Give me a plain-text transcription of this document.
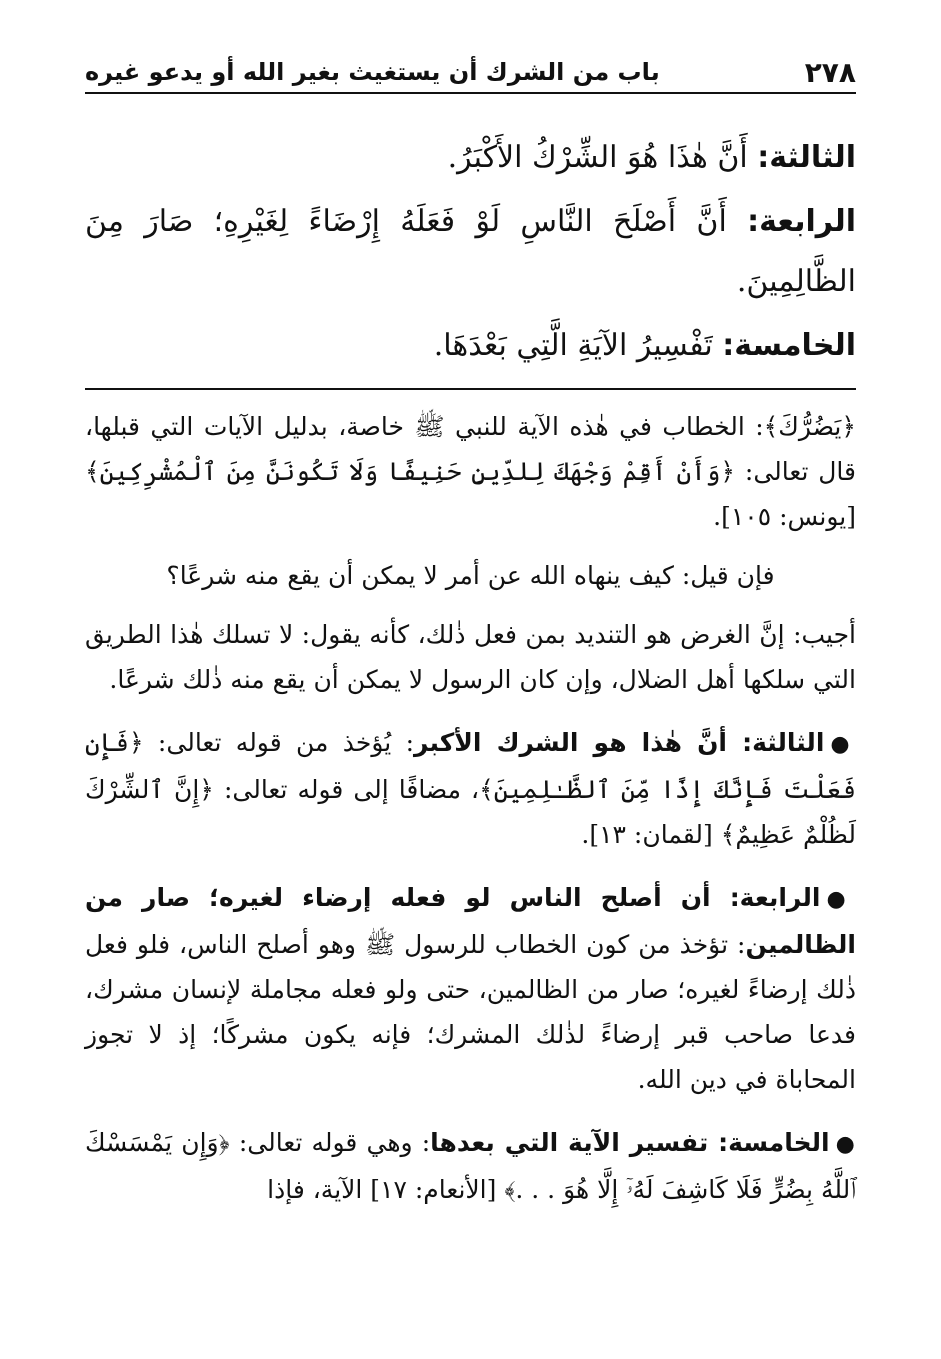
٢٧٨
باب من الشرك أن يستغيث بغير الله أو يدعو غيره

الثالثة: أَنَّ هٰذَا هُوَ الشِّرْكُ الأَكْبَرُ.

الرابعة: أَنَّ أَصْلَحَ النَّاسِ لَوْ فَعَلَهُ إِرْضَاءً لِغَيْرِهِ؛ صَارَ مِنَ الظَّالِمِينَ.

الخامسة: تَفْسِيرُ الآيَةِ الَّتِي بَعْدَهَا.

﴿يَضُرُّكَ﴾: الخطاب في هٰذه الآية للنبي ﷺ خاصة، بدليل الآيات التي قبلها، قال تعالى: ﴿وَأَنْ أَقِمْ وَجْهَكَ لِلدِّينِ حَنِيفًا وَلَا تَكُونَنَّ مِنَ ٱلْمُشْرِكِينَ﴾ [يونس: ١٠٥].

فإن قيل: كيف ينهاه الله عن أمر لا يمكن أن يقع منه شرعًا؟

أجيب: إنَّ الغرض هو التنديد بمن فعل ذٰلك، كأنه يقول: لا تسلك هٰذا الطريق التي سلكها أهل الضلال، وإن كان الرسول لا يمكن أن يقع منه ذٰلك شرعًا.

●الثالثة: أنَّ هٰذا هو الشرك الأكبر: يُؤخذ من قوله تعالى: ﴿فَإِن فَعَلْتَ فَإِنَّكَ إِذًا مِّنَ ٱلظَّـٰلِمِينَ﴾، مضافًا إلى قوله تعالى: ﴿إِنَّ ٱلشِّرْكَ لَظُلْمٌ عَظِيمٌ﴾ [لقمان: ١٣].

●الرابعة: أن أصلح الناس لو فعله إرضاء لغيره؛ صار من الظالمين: تؤخذ من كون الخطاب للرسول ﷺ وهو أصلح الناس، فلو فعل ذٰلك إرضاءً لغيره؛ صار من الظالمين، حتى ولو فعله مجاملة لإنسان مشرك، فدعا صاحب قبر إرضاءً لذٰلك المشرك؛ فإنه يكون مشركًا؛ إذ لا تجوز المحاباة في دين الله.

●الخامسة: تفسير الآية التي بعدها: وهي قوله تعالى: ﴿وَإِن يَمْسَسْكَ ٱللَّهُ بِضُرٍّ فَلَا كَاشِفَ لَهُۥٓ إِلَّا هُوَ . . .﴾ [الأنعام: ١٧] الآية، فإذا
